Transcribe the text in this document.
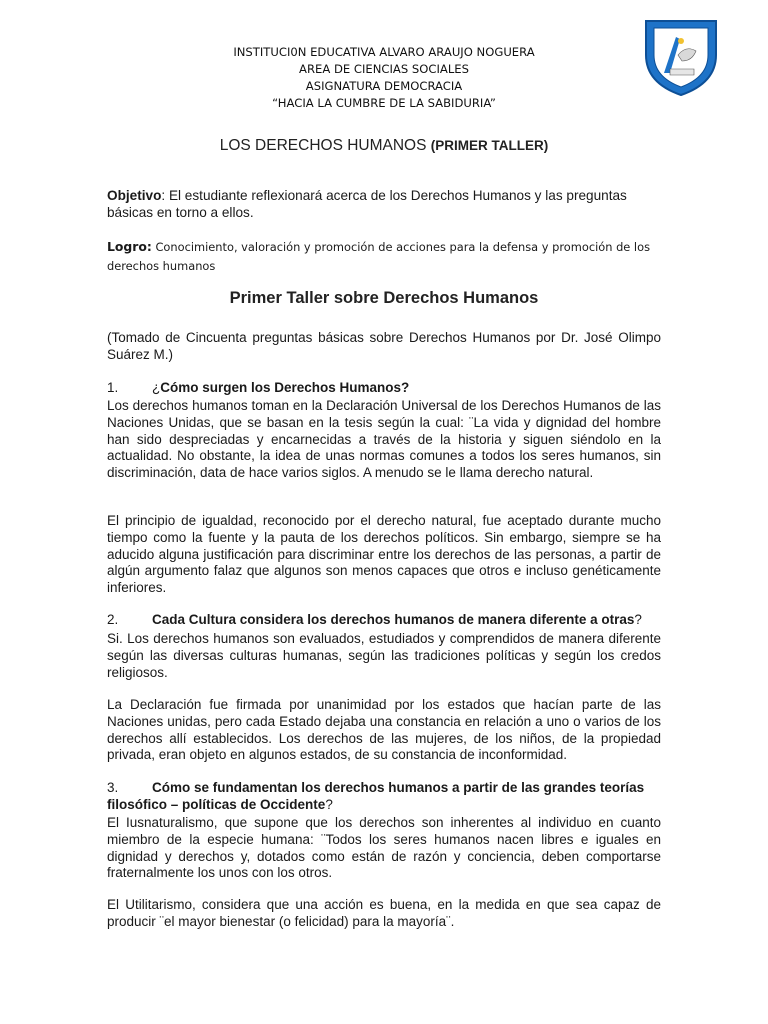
INSTITUCI0N EDUCATIVA ALVARO ARAUJO NOGUERA
AREA DE CIENCIAS SOCIALES
ASIGNATURA DEMOCRACIA
“HACIA LA CUMBRE DE LA SABIDURIA”
LOS DERECHOS HUMANOS (PRIMER TALLER)
Objetivo: El estudiante reflexionará acerca de los Derechos Humanos y las preguntas básicas en torno a ellos.
Logro: Conocimiento, valoración y promoción de acciones para la defensa y promoción de los derechos humanos
Primer Taller sobre Derechos Humanos
(Tomado de Cincuenta preguntas básicas sobre Derechos Humanos por Dr. José Olimpo Suárez M.)
1. ¿Cómo surgen los Derechos Humanos?
Los derechos humanos toman en la Declaración Universal de los Derechos Humanos de las Naciones Unidas, que se basan en la tesis según la cual: ¨La vida y dignidad del hombre han sido despreciadas y encarnecidas a través de la historia y siguen siéndolo en la actualidad. No obstante, la idea de unas normas comunes a todos los seres humanos, sin discriminación, data de hace varios siglos. A menudo se le llama derecho natural.
El principio de igualdad, reconocido por el derecho natural, fue aceptado durante mucho tiempo como la fuente y la pauta de los derechos políticos. Sin embargo, siempre se ha aducido alguna justificación para discriminar entre los derechos de las personas, a partir de algún argumento falaz que algunos son menos capaces que otros e incluso genéticamente inferiores.
2. Cada Cultura considera los derechos humanos de manera diferente a otras?
Si. Los derechos humanos son evaluados, estudiados y comprendidos de manera diferente según las diversas culturas humanas, según las tradiciones políticas y según los credos religiosos.
La Declaración fue firmada por unanimidad por los estados que hacían parte de las Naciones unidas, pero cada Estado dejaba una constancia en relación a uno o varios de los derechos allí establecidos. Los derechos de las mujeres, de los niños, de la propiedad privada, eran objeto en algunos estados, de su constancia de inconformidad.
3. Cómo se fundamentan los derechos humanos a partir de las grandes teorías filosófico – políticas de Occidente?
El Iusnaturalismo, que supone que los derechos son inherentes al individuo en cuanto miembro de la especie humana: ¨Todos los seres humanos nacen libres e iguales en dignidad y derechos y, dotados como están de razón y conciencia, deben comportarse fraternalmente los unos con los otros.
El Utilitarismo, considera que una acción es buena, en la medida en que sea capaz de producir ¨el mayor bienestar (o felicidad) para la mayoría¨.
